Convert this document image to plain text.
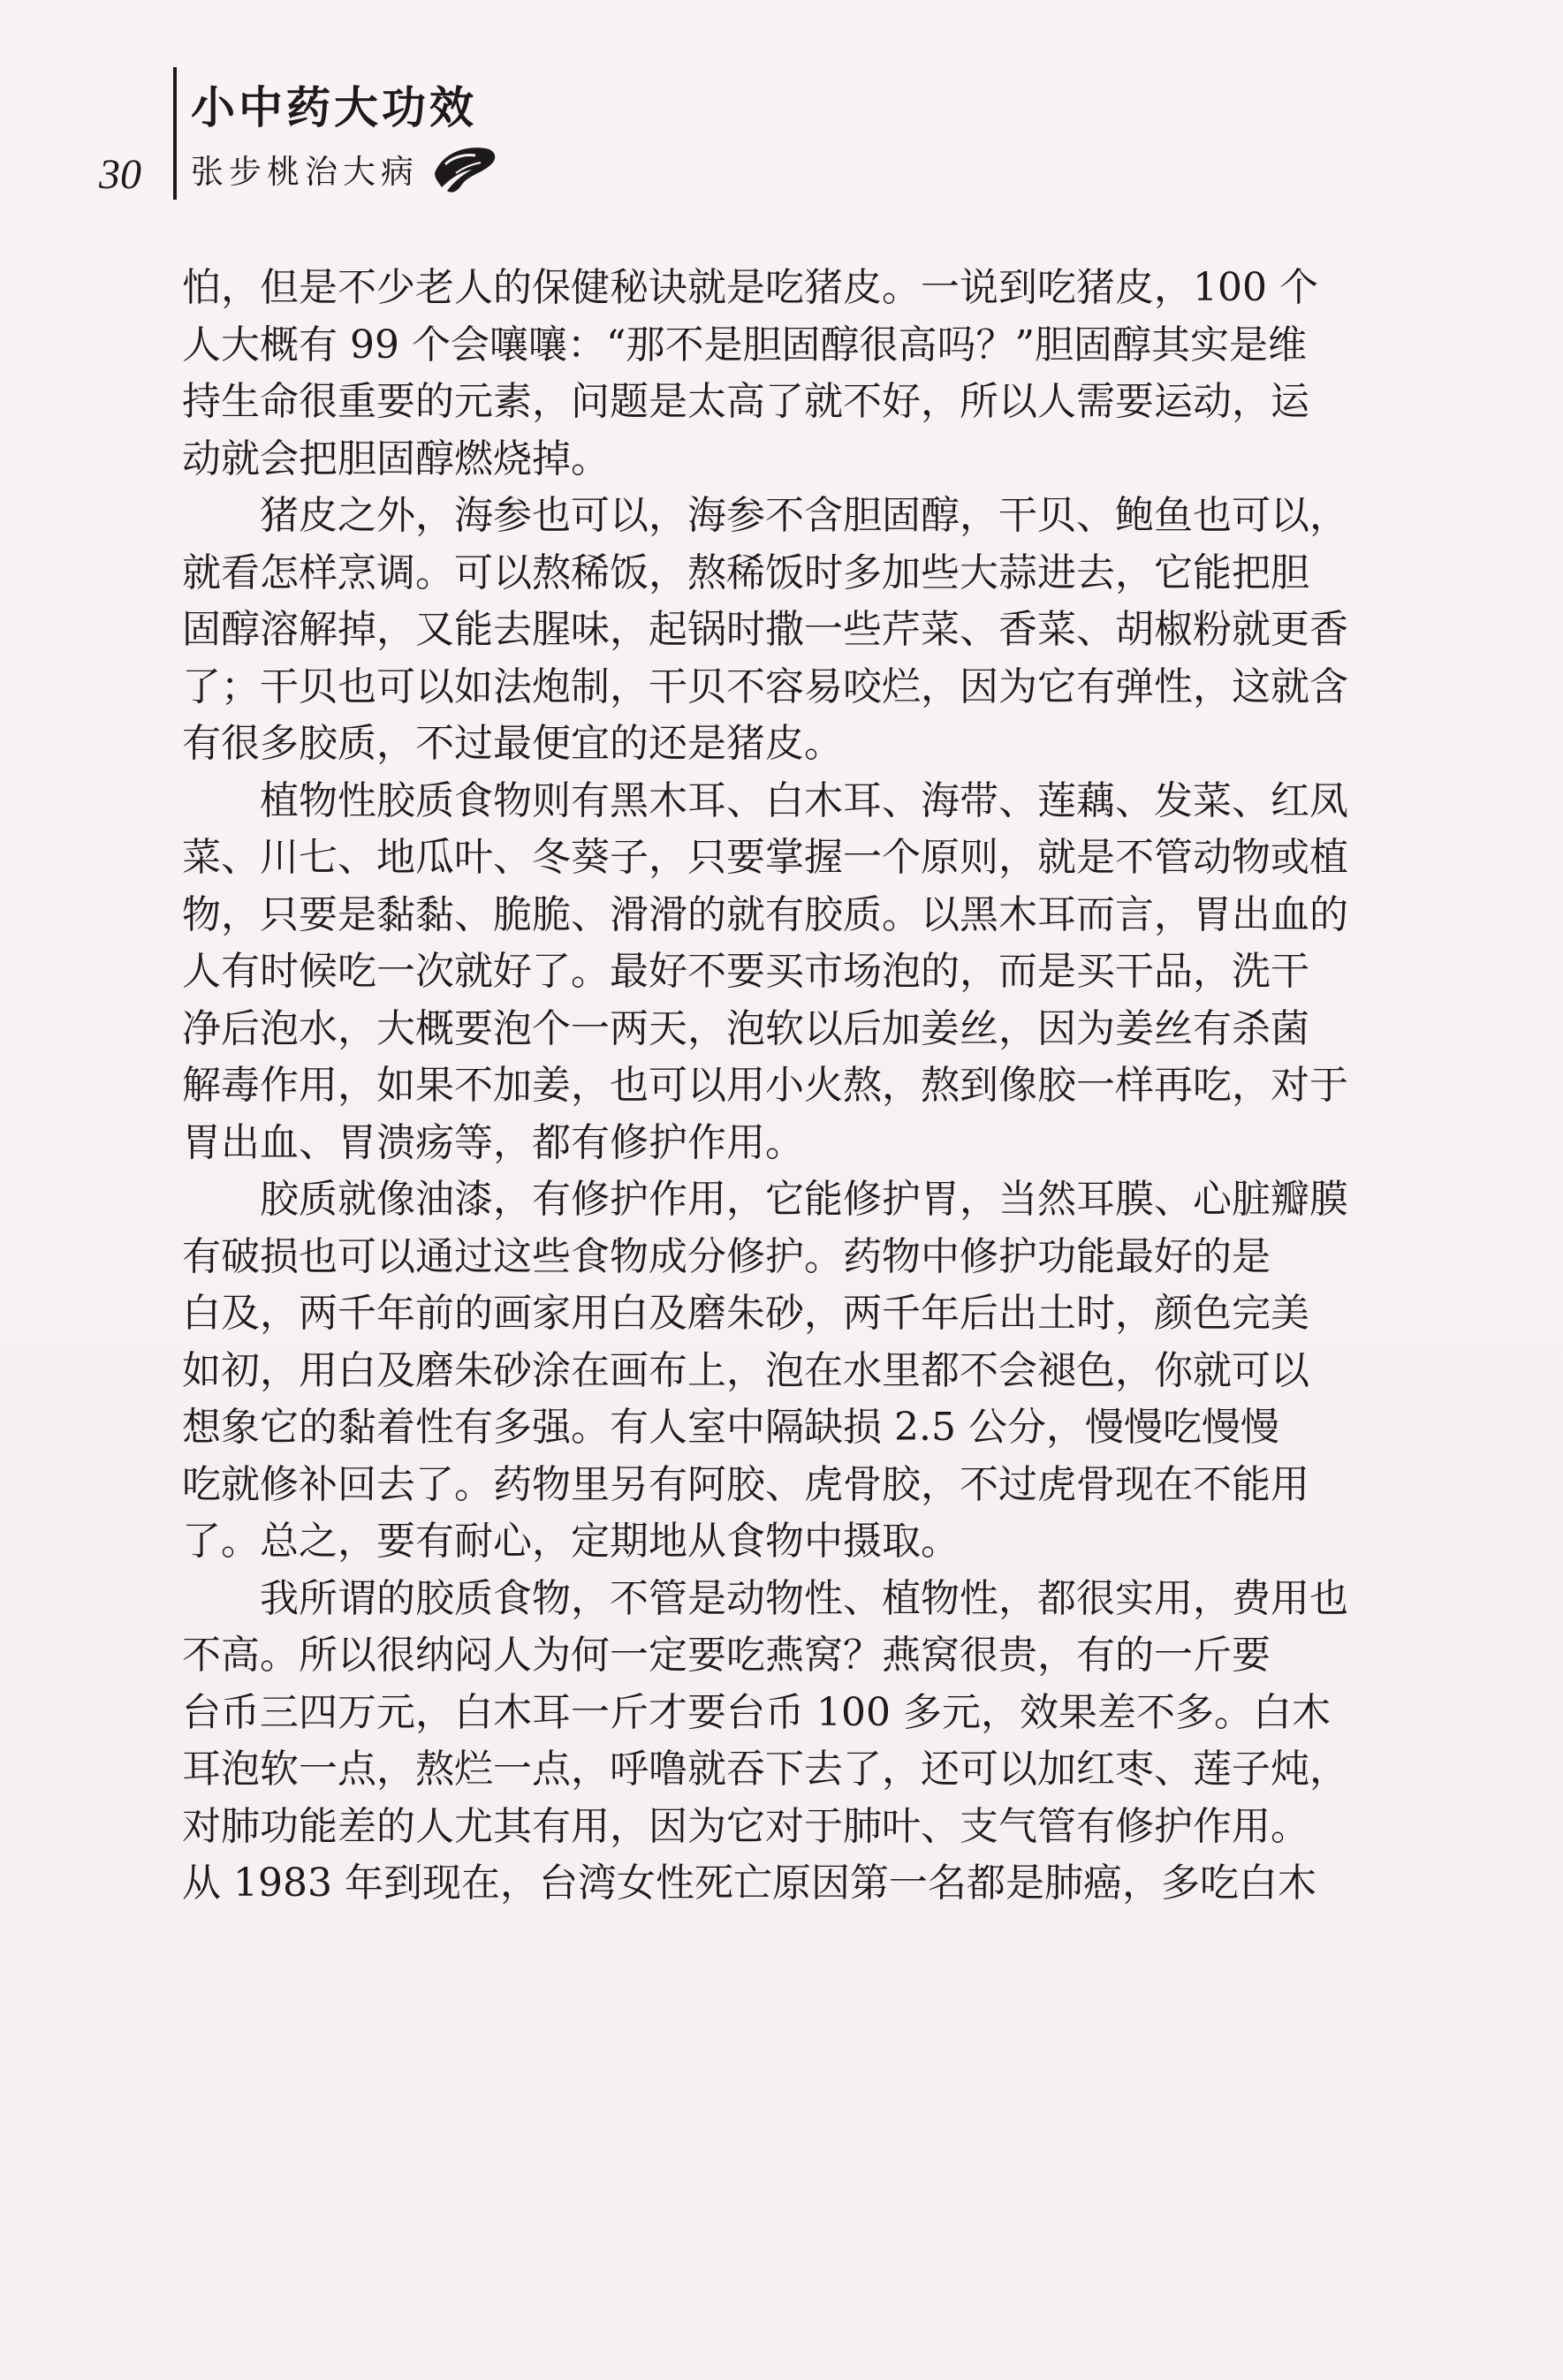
30
小中药大功效
张步桃治大病

怕，但是不少老人的保健秘诀就是吃猪皮。一说到吃猪皮，100 个
人大概有 99 个会嚷嚷：“那不是胆固醇很高吗？”胆固醇其实是维
持生命很重要的元素，问题是太高了就不好，所以人需要运动，运
动就会把胆固醇燃烧掉。

猪皮之外，海参也可以，海参不含胆固醇，干贝、鲍鱼也可以，
就看怎样烹调。可以熬稀饭，熬稀饭时多加些大蒜进去，它能把胆
固醇溶解掉，又能去腥味，起锅时撒一些芹菜、香菜、胡椒粉就更香
了；干贝也可以如法炮制，干贝不容易咬烂，因为它有弹性，这就含
有很多胶质，不过最便宜的还是猪皮。

植物性胶质食物则有黑木耳、白木耳、海带、莲藕、发菜、红凤
菜、川七、地瓜叶、冬葵子，只要掌握一个原则，就是不管动物或植
物，只要是黏黏、脆脆、滑滑的就有胶质。以黑木耳而言，胃出血的
人有时候吃一次就好了。最好不要买市场泡的，而是买干品，洗干
净后泡水，大概要泡个一两天，泡软以后加姜丝，因为姜丝有杀菌
解毒作用，如果不加姜，也可以用小火熬，熬到像胶一样再吃，对于
胃出血、胃溃疡等，都有修护作用。

胶质就像油漆，有修护作用，它能修护胃，当然耳膜、心脏瓣膜
有破损也可以通过这些食物成分修护。药物中修护功能最好的是
白及，两千年前的画家用白及磨朱砂，两千年后出土时，颜色完美
如初，用白及磨朱砂涂在画布上，泡在水里都不会褪色，你就可以
想象它的黏着性有多强。有人室中隔缺损 2.5 公分，慢慢吃慢慢
吃就修补回去了。药物里另有阿胶、虎骨胶，不过虎骨现在不能用
了。总之，要有耐心，定期地从食物中摄取。

我所谓的胶质食物，不管是动物性、植物性，都很实用，费用也
不高。所以很纳闷人为何一定要吃燕窝？燕窝很贵，有的一斤要
台币三四万元，白木耳一斤才要台币 100 多元，效果差不多。白木
耳泡软一点，熬烂一点，呼噜就吞下去了，还可以加红枣、莲子炖，
对肺功能差的人尤其有用，因为它对于肺叶、支气管有修护作用。
从 1983 年到现在，台湾女性死亡原因第一名都是肺癌，多吃白木
